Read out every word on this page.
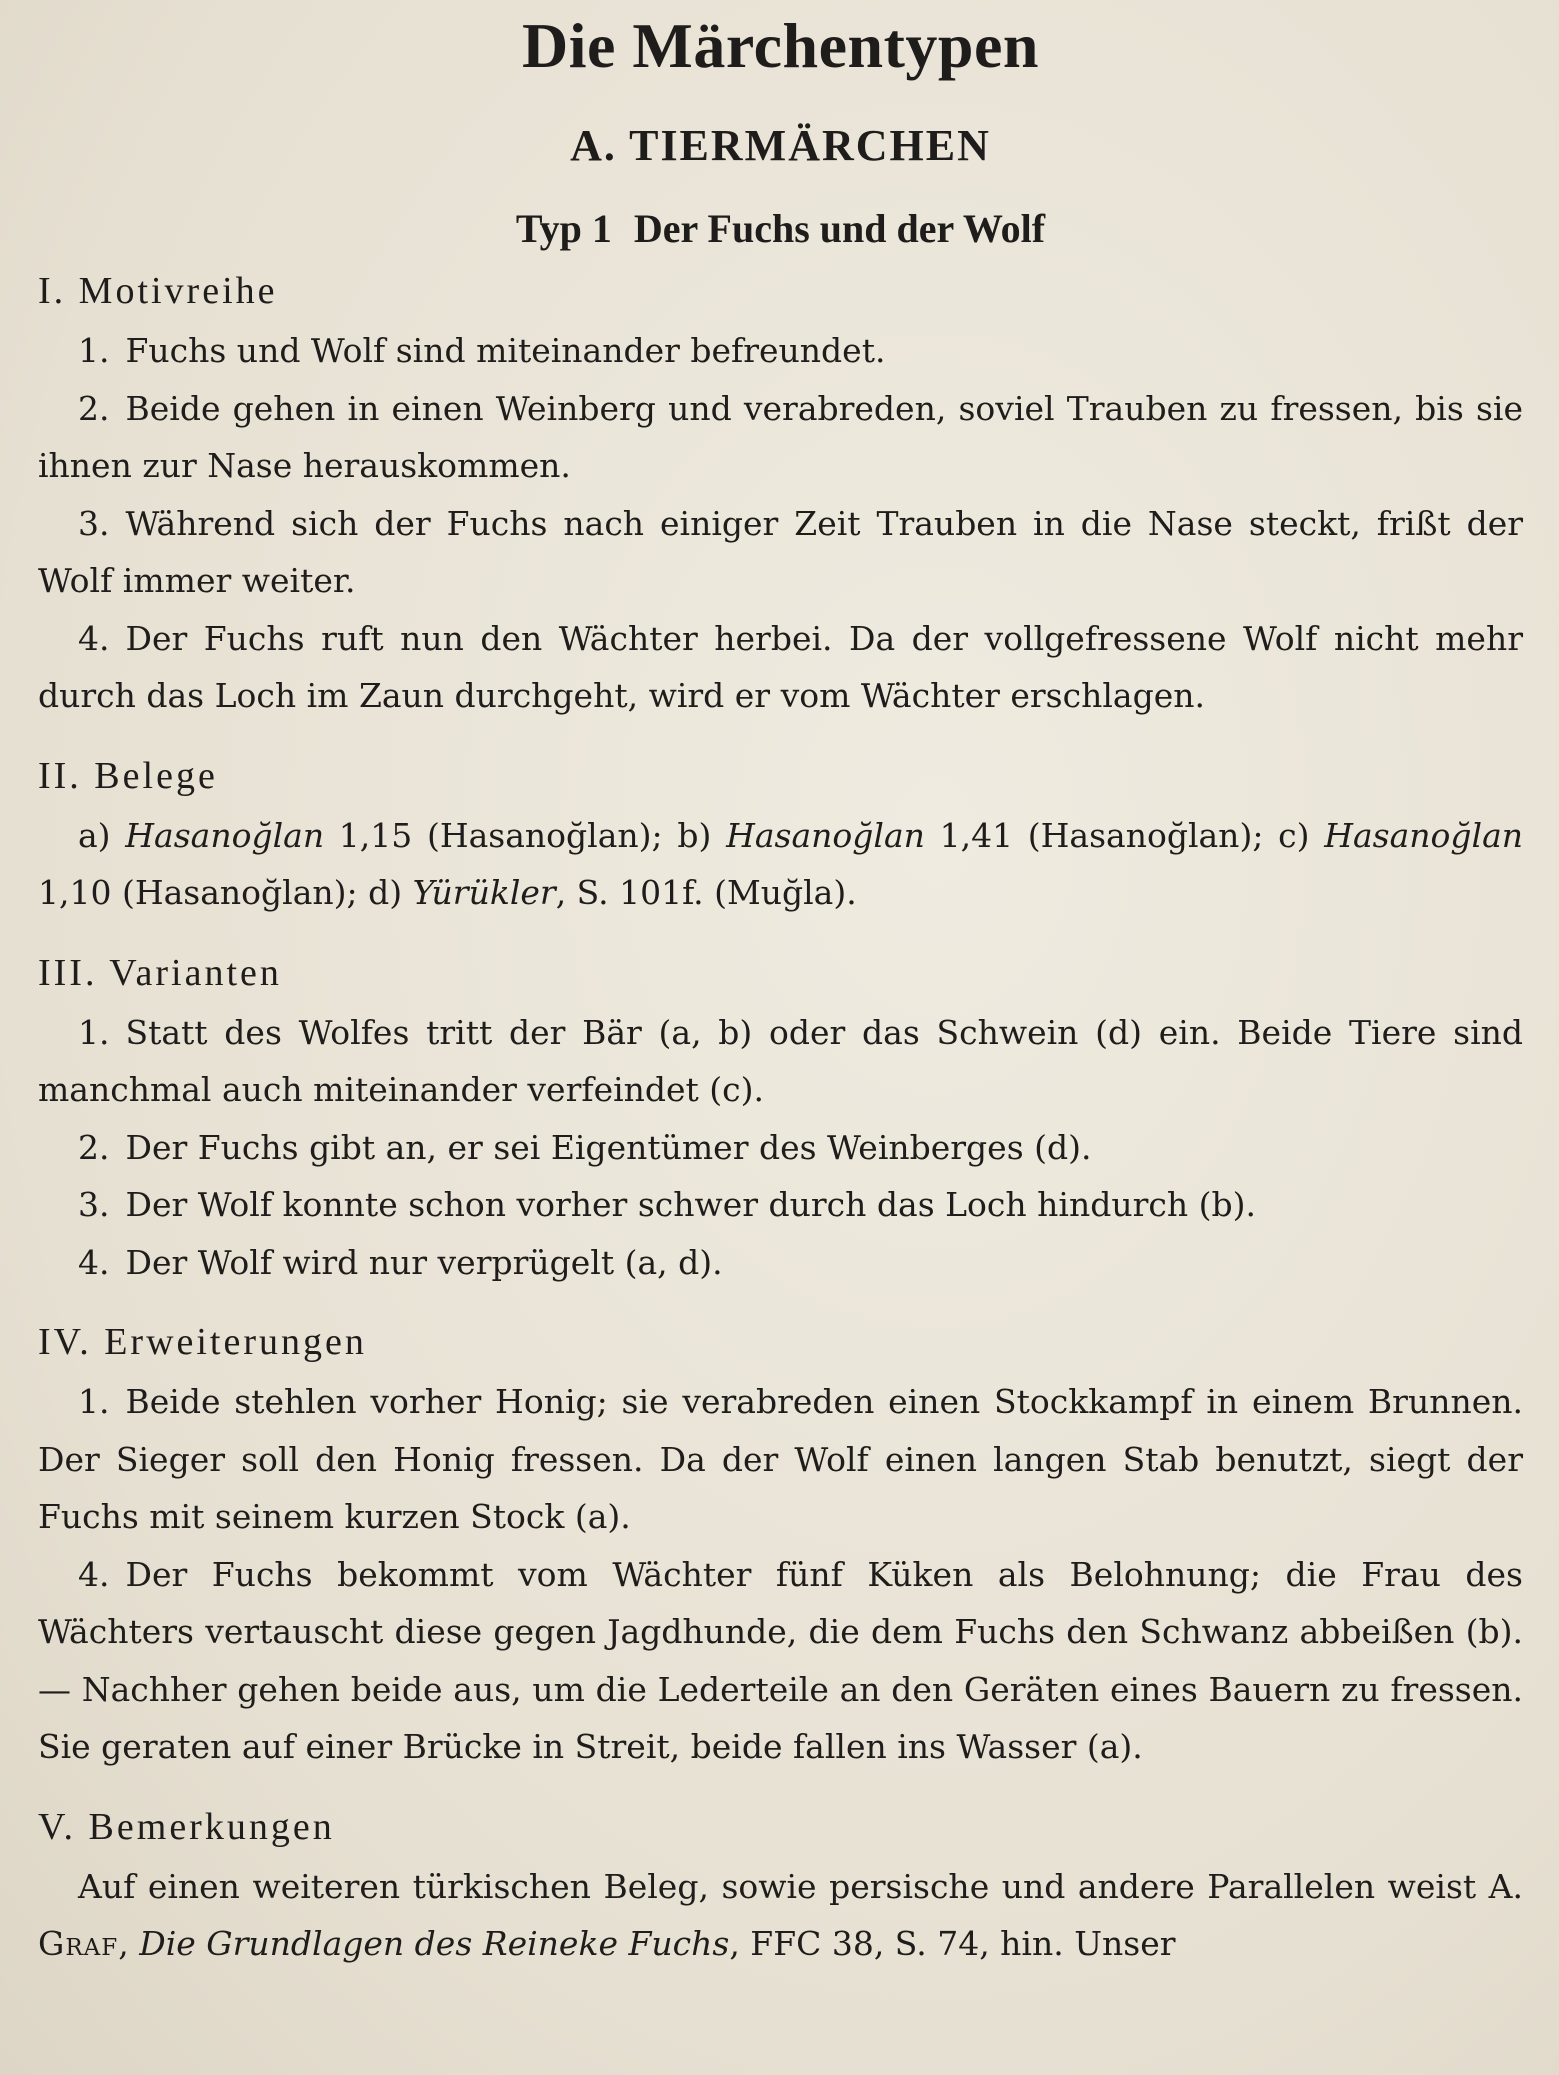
Die Märchentypen
A. TIERMÄRCHEN
Typ 1 Der Fuchs und der Wolf
I. Motivreihe

1. Fuchs und Wolf sind miteinander befreundet.

2. Beide gehen in einen Weinberg und verabreden, soviel Trauben zu fressen, bis sie ihnen zur Nase herauskommen.

3. Während sich der Fuchs nach einiger Zeit Trauben in die Nase steckt, frißt der Wolf immer weiter.

4. Der Fuchs ruft nun den Wächter herbei. Da der vollgefressene Wolf nicht mehr durch das Loch im Zaun durchgeht, wird er vom Wächter erschlagen.

II. Belege

a) Hasanoğlan 1,15 (Hasanoğlan); b) Hasanoğlan 1,41 (Hasanoğlan); c) Hasanoğlan 1,10 (Hasanoğlan); d) Yürükler, S. 101f. (Muğla).

III. Varianten

1. Statt des Wolfes tritt der Bär (a, b) oder das Schwein (d) ein. Beide Tiere sind manchmal auch miteinander verfeindet (c).

2. Der Fuchs gibt an, er sei Eigentümer des Weinberges (d).

3. Der Wolf konnte schon vorher schwer durch das Loch hindurch (b).

4. Der Wolf wird nur verprügelt (a, d).

IV. Erweiterungen

1. Beide stehlen vorher Honig; sie verabreden einen Stockkampf in einem Brunnen. Der Sieger soll den Honig fressen. Da der Wolf einen langen Stab benutzt, siegt der Fuchs mit seinem kurzen Stock (a).

4. Der Fuchs bekommt vom Wächter fünf Küken als Belohnung; die Frau des Wächters vertauscht diese gegen Jagdhunde, die dem Fuchs den Schwanz abbeißen (b). — Nachher gehen beide aus, um die Lederteile an den Geräten eines Bauern zu fressen. Sie geraten auf einer Brücke in Streit, beide fallen ins Wasser (a).

V. Bemerkungen

Auf einen weiteren türkischen Beleg, sowie persische und andere Parallelen weist A. Graf, Die Grundlagen des Reineke Fuchs, FFC 38, S. 74, hin. Unser
